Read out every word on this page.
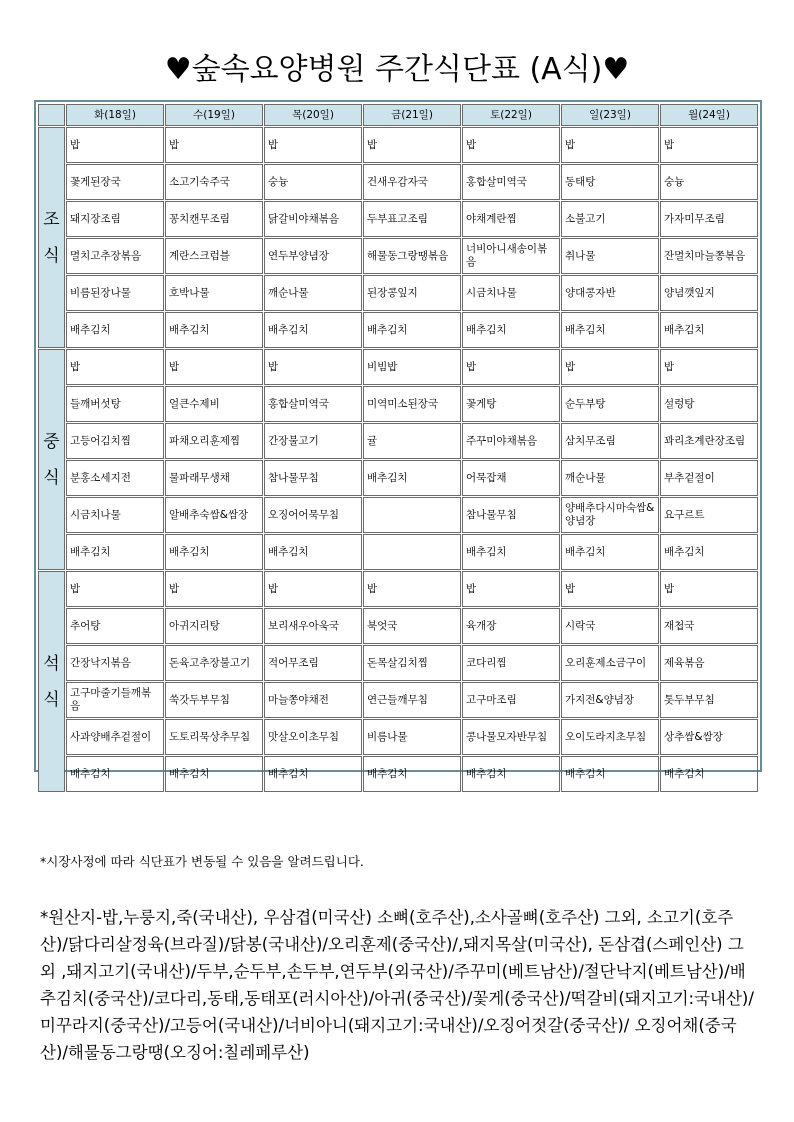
♥숲속요양병원 주간식단표 (A식)♥
	화(18일)	수(19일)	목(20일)	금(21일)	토(22일)	일(23일)	월(24일)

조
식	밥	밥	밥	밥	밥	밥	밥
	꽃게된장국	소고기숙주국	숭늉	건새우감자국	홍합살미역국	동태탕	숭늉
	돼지장조림	꽁치캔무조림	닭갈비야채볶음	두부표고조림	야채계란찜	소불고기	가자미무조림
	멸치고추장볶음	계란스크럼블	연두부양념장	해물동그랑땡볶음	너비아니새송이볶음	취나물	잔멸치마늘쫑볶음
	비름된장나물	호박나물	깨순나물	된장콩잎지	시금치나물	양대콩자반	양념깻잎지
	배추김치	배추김치	배추김치	배추김치	배추김치	배추김치	배추김치

중
식	밥	밥	밥	비빔밥	밥	밥	밥
	들깨버섯탕	얼큰수제비	홍합살미역국	미역미소된장국	꽃게탕	순두부탕	설렁탕
	고등어김치찜	파채오리훈제찜	간장불고기	귤	주꾸미야채볶음	삼치무조림	꽈리초계란장조림
	분홍소세지전	물파래무생채	참나물무침	배추김치	어묵잡채	깨순나물	부추겉절이
	시금치나물	알배추숙쌈&쌈장	오징어어묵무침		참나물무침	양배추다시마숙쌈&양념장	요구르트
	배추김치	배추김치	배추김치		배추김치	배추김치	배추김치

석
식	밥	밥	밥	밥	밥	밥	밥
	추어탕	아귀지리탕	보리새우아욱국	북엇국	육개장	시락국	재첩국
	간장낙지볶음	돈육고추장불고기	적어무조림	돈목살김치찜	코다리찜	오리훈제소금구이	제육볶음
	고구마줄기들깨볶음	쑥갓두부무침	마늘쫑야채전	연근들깨무침	고구마조림	가지전&양념장	톳두부무침
	사과양배추겉절이	도토리묵상추무침	맛살오이초무침	비름나물	콩나물모자반무침	오이도라지초무침	상추쌈&쌈장
	배추김치	배추김치	배추김치	배추김치	배추김치	배추김치	배추김치
*시장사정에 따라 식단표가 변동될 수 있음을 알려드립니다.
*원산지-밥,누룽지,죽(국내산), 우삼겹(미국산) 소뼈(호주산),소사골뼈(호주산) 그외, 소고기(호주산)/닭다리살정육(브라질)/닭봉(국내산)/오리훈제(중국산)/,돼지목살(미국산), 돈삼겹(스페인산) 그외 ,돼지고기(국내산)/두부,순두부,손두부,연두부(외국산)/주꾸미(베트남산)/절단낙지(베트남산)/배추김치(중국산)/코다리,동태,동태포(러시아산)/아귀(중국산)/꽃게(중국산)/떡갈비(돼지고기:국내산)/미꾸라지(중국산)/고등어(국내산)/너비아니(돼지고기:국내산)/오징어젓갈(중국산)/ 오징어채(중국산)/해물동그랑땡(오징어:칠레페루산)
